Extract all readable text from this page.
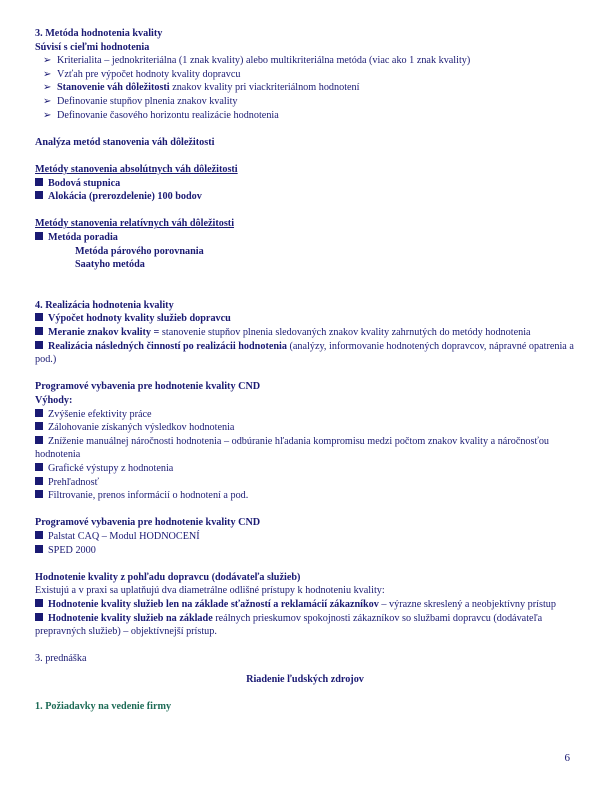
3. Metóda hodnotenia kvality
Súvisí s cieľmi hodnotenia
➢ Kriterialita – jednokriteriálna (1 znak kvality) alebo multikriteriálna metóda (viac ako 1 znak kvality)
➢ Vzťah pre výpočet hodnoty kvality dopravcu
➢ Stanovenie váh dôležitosti znakov kvality pri viackriteriálnom hodnotení
➢ Definovanie stupňov plnenia znakov kvality
➢ Definovanie časového horizontu realizácie hodnotenia
Analýza metód stanovenia váh dôležitosti
Metódy stanovenia absolútnych váh dôležitosti
Bodová stupnica
Alokácia (prerozdelenie) 100 bodov
Metódy stanovenia relatívnych váh dôležitosti
Metóda poradia
Metóda párového porovnania
Saatyho metóda
4. Realizácia hodnotenia kvality
Výpočet hodnoty kvality služieb dopravcu
Meranie znakov kvality = stanovenie stupňov plnenia sledovaných znakov kvality zahrnutých do metódy hodnotenia
Realizácia následných činností po realizácii hodnotenia (analýzy, informovanie hodnotených dopravcov, nápravné opatrenia a pod.)
Programové vybavenia pre hodnotenie kvality CND
Výhody:
Zvýšenie efektivity práce
Zálohovanie získaných výsledkov hodnotenia
Zníženie manuálnej náročnosti hodnotenia – odbúranie hľadania kompromisu medzi počtom znakov kvality a náročnosťou hodnotenia
Grafické výstupy z hodnotenia
Prehľadnosť
Filtrovanie, prenos informácií o hodnotení a pod.
Programové vybavenia pre hodnotenie kvality CND
Palstat CAQ – Modul HODNOCENÍ
SPED 2000
Hodnotenie kvality z pohľadu dopravcu (dodávateľa služieb)
Existujú a v praxi sa uplatňujú dva diametrálne odlišné prístupy k hodnoteniu kvality:
Hodnotenie kvality služieb len na základe sťažností a reklamácií zákazníkov – výrazne skreslený a neobjektívny prístup
Hodnotenie kvality služieb na základe reálnych prieskumov spokojnosti zákazníkov so službami dopravcu (dodávateľa prepravných služieb) – objektívnejší prístup.
3. prednáška
Riadenie ľudských zdrojov
1. Požiadavky na vedenie firmy
6
